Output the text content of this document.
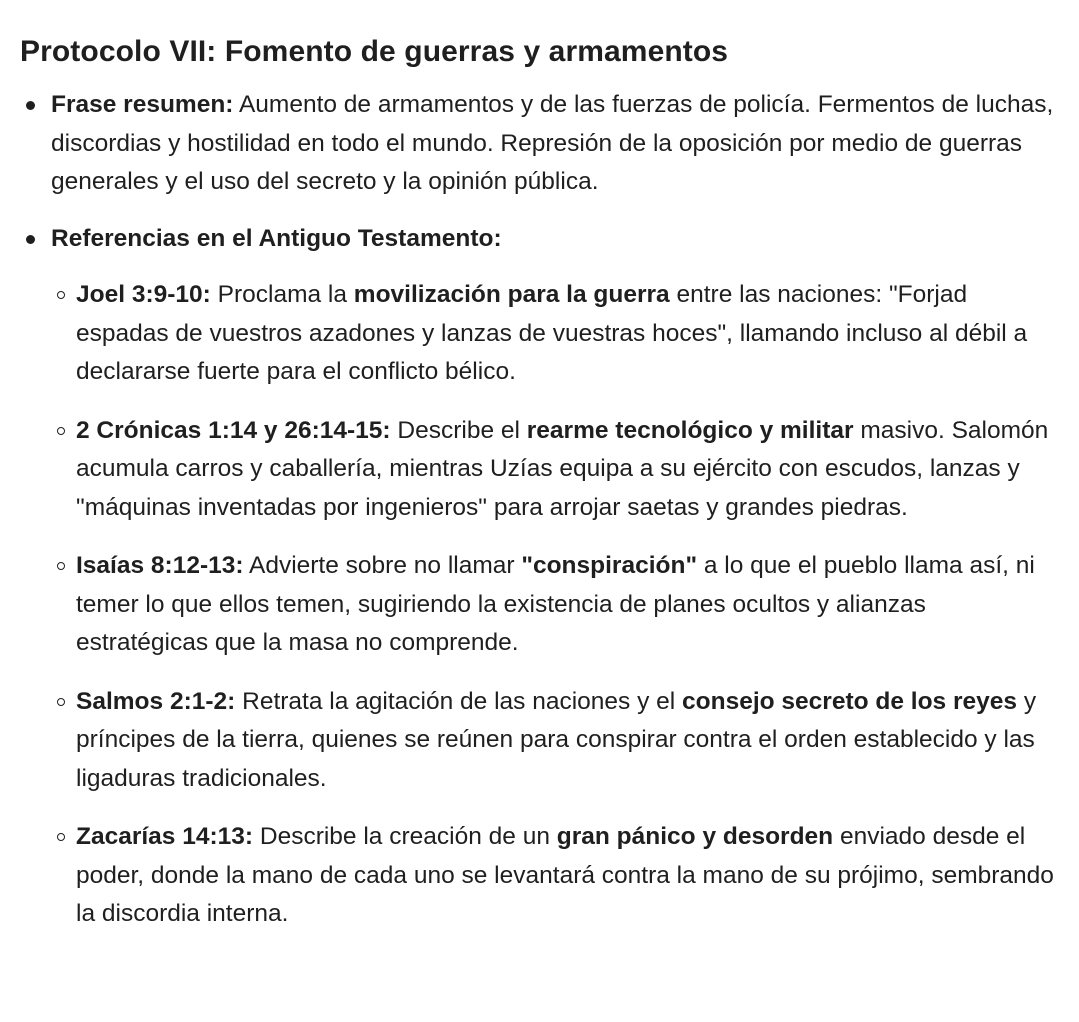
Protocolo VII: Fomento de guerras y armamentos
Frase resumen: Aumento de armamentos y de las fuerzas de policía. Fermentos de luchas, discordias y hostilidad en todo el mundo. Represión de la oposición por medio de guerras generales y el uso del secreto y la opinión pública.
Referencias en el Antiguo Testamento:
Joel 3:9-10: Proclama la movilización para la guerra entre las naciones: "Forjad espadas de vuestros azadones y lanzas de vuestras hoces", llamando incluso al débil a declararse fuerte para el conflicto bélico.
2 Crónicas 1:14 y 26:14-15: Describe el rearme tecnológico y militar masivo. Salomón acumula carros y caballería, mientras Uzías equipa a su ejército con escudos, lanzas y "máquinas inventadas por ingenieros" para arrojar saetas y grandes piedras.
Isaías 8:12-13: Advierte sobre no llamar "conspiración" a lo que el pueblo llama así, ni temer lo que ellos temen, sugiriendo la existencia de planes ocultos y alianzas estratégicas que la masa no comprende.
Salmos 2:1-2: Retrata la agitación de las naciones y el consejo secreto de los reyes y príncipes de la tierra, quienes se reúnen para conspirar contra el orden establecido y las ligaduras tradicionales.
Zacarías 14:13: Describe la creación de un gran pánico y desorden enviado desde el poder, donde la mano de cada uno se levantará contra la mano de su prójimo, sembrando la discordia interna.
